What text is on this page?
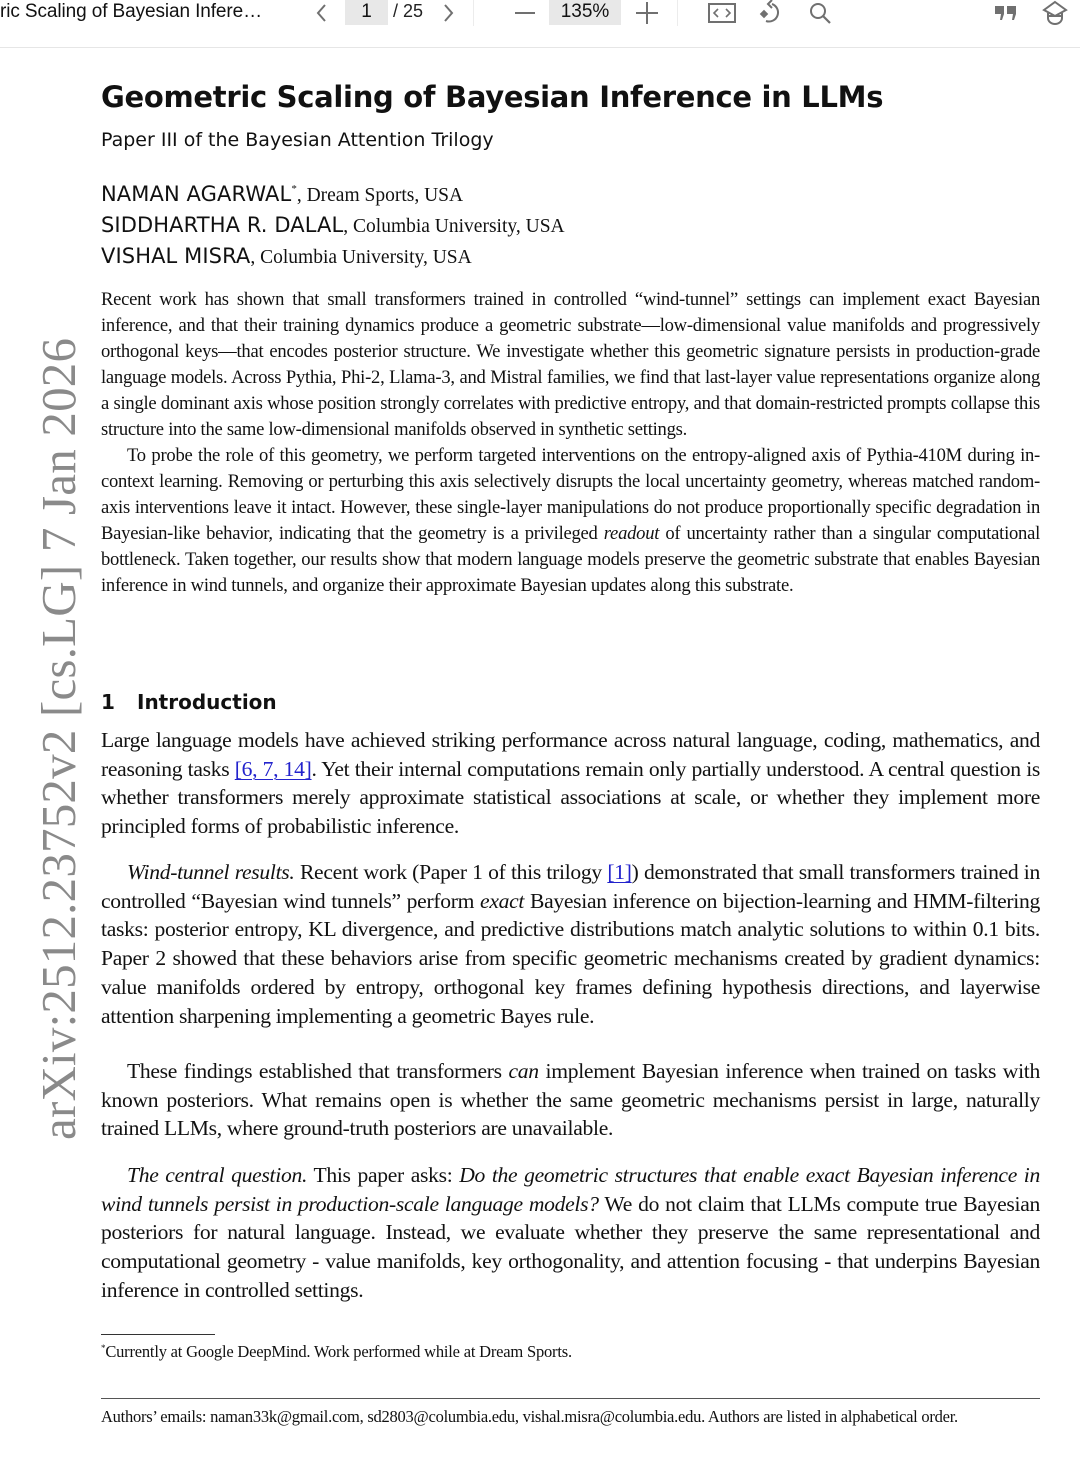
ric Scaling of Bayesian Infere…	1	/ 25	135%
arXiv:2512.23752v2 [cs.LG] 7 Jan 2026
Geometric Scaling of Bayesian Inference in LLMs
Paper III of the Bayesian Attention Trilogy
NAMAN AGARWAL*, Dream Sports, USA
SIDDHARTHA R. DALAL, Columbia University, USA
VISHAL MISRA, Columbia University, USA

Recent work has shown that small transformers trained in controlled “wind-tunnel” settings can implement exact Bayesian inference, and that their training dynamics produce a geometric substrate—low-dimensional value manifolds and progressively orthogonal keys—that encodes posterior structure. We investigate whether this geometric signature persists in production-grade language models. Across Pythia, Phi-2, Llama-3, and Mistral families, we find that last-layer value representations organize along a single dominant axis whose position strongly correlates with predictive entropy, and that domain-restricted prompts collapse this structure into the same low-dimensional manifolds observed in synthetic settings.

To probe the role of this geometry, we perform targeted interventions on the entropy-aligned axis of Pythia-410M during in-context learning. Removing or perturbing this axis selectively disrupts the local uncertainty geometry, whereas matched random-axis interventions leave it intact. However, these single-layer manipulations do not produce proportionally specific degradation in Bayesian-like behavior, indicating that the geometry is a privileged readout of uncertainty rather than a singular computational bottleneck. Taken together, our results show that modern language models preserve the geometric substrate that enables Bayesian inference in wind tunnels, and organize their approximate Bayesian updates along this substrate.

1 Introduction

Large language models have achieved striking performance across natural language, coding, mathematics, and reasoning tasks [6, 7, 14]. Yet their internal computations remain only partially understood. A central question is whether transformers merely approximate statistical associations at scale, or whether they implement more principled forms of probabilistic inference.

Wind-tunnel results. Recent work (Paper 1 of this trilogy [1]) demonstrated that small transformers trained in controlled “Bayesian wind tunnels” perform exact Bayesian inference on bijection-learning and HMM-filtering tasks: posterior entropy, KL divergence, and predictive distributions match analytic solutions to within 0.1 bits. Paper 2 showed that these behaviors arise from specific geometric mechanisms created by gradient dynamics: value manifolds ordered by entropy, orthogonal key frames defining hypothesis directions, and layerwise attention sharpening implementing a geometric Bayes rule.

These findings established that transformers can implement Bayesian inference when trained on tasks with known posteriors. What remains open is whether the same geometric mechanisms persist in large, naturally trained LLMs, where ground-truth posteriors are unavailable.

The central question. This paper asks: Do the geometric structures that enable exact Bayesian inference in wind tunnels persist in production-scale language models? We do not claim that LLMs compute true Bayesian posteriors for natural language. Instead, we evaluate whether they preserve the same representational and computational geometry - value manifolds, key orthogonality, and attention focusing - that underpins Bayesian inference in controlled settings.

*Currently at Google DeepMind. Work performed while at Dream Sports.

Authors’ emails: naman33k@gmail.com, sd2803@columbia.edu, vishal.misra@columbia.edu. Authors are listed in alphabetical order.
